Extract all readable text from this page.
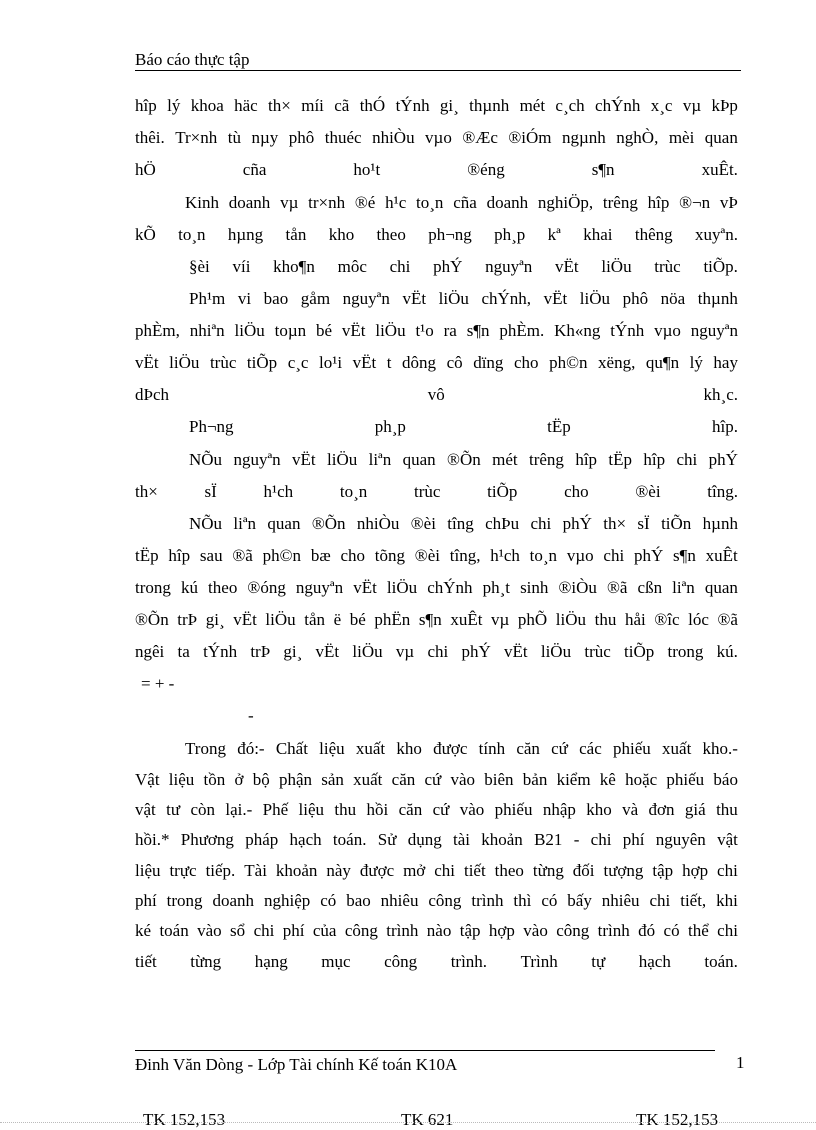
Báo cáo thực tập
hîp lý khoa häc th× míi cã thÓ tÝnh gi¸ thµnh mét c¸ch chÝnh x¸c vµ kÞp
thêi. Tr×nh tù nµy phô thuéc nhiÒu vµo ®Æc ®iÓm ngµnh nghÒ, mèi quan
hÖ	cña	ho¹t	®éng	s¶n	xuÊt.
Kinh doanh vµ tr×nh ®é h¹c to¸n cña doanh nghiÖp, trêng hîp ®¬n vÞ
kÕ to¸n hµng tån kho theo ph¬ng ph¸p kª khai thêng xuyªn.
§èi víi kho¶n môc chi phÝ nguyªn vËt liÖu trùc tiÕp.
Ph¹m vi bao gåm nguyªn vËt liÖu chÝnh, vËt liÖu phô nöa thµnh
phÈm, nhiªn liÖu toµn bé vËt liÖu t¹o ra s¶n phÈm. Kh«ng tÝnh vµo nguyªn
vËt liÖu trùc tiÕp c¸c lo¹i vËt t dông cô dïng cho ph©n xëng, qu¶n lý hay
dÞch	vô	kh¸c.
Ph¬ng	ph¸p	tËp	hîp.
NÕu nguyªn vËt liÖu liªn quan ®Õn mét trêng hîp tËp hîp chi phÝ
th×	sÏ	h¹ch	to¸n	trùc	tiÕp	cho	®èi	tîng.
NÕu liªn quan ®Õn nhiÒu ®èi tîng chÞu chi phÝ th× sÏ tiÕn hµnh
tËp hîp sau ®ã ph©n bæ cho tõng ®èi tîng, h¹ch to¸n vµo chi phÝ s¶n xuÊt
trong kú theo ®óng nguyªn vËt liÖu chÝnh ph¸t sinh ®iÒu ®ã cßn liªn quan
®Õn trÞ gi¸ vËt liÖu tån ë bé phËn s¶n xuÊt vµ phÕ liÖu thu håi ®îc lóc ®ã
ngêi ta tÝnh trÞ gi¸ vËt liÖu vµ chi phÝ vËt liÖu trùc tiÕp trong kú.
= + -
-
Trong đó:- Chất liệu xuất kho được tính căn cứ các phiếu xuất kho.-
Vật liệu tồn ở bộ phận sản xuất căn cứ vào biên bản kiểm kê hoặc phiếu báo
vật tư còn lại.- Phế liệu thu hồi căn cứ vào phiếu nhập kho và đơn giá thu
hồi.* Phương pháp hạch toán. Sử dụng tài khoản B21 - chi phí nguyên vật
liệu trực tiếp. Tài khoản này được mở chi tiết theo từng đối tượng tập hợp chi
phí trong doanh nghiệp có bao nhiêu công trình thì có bấy nhiêu chi tiết, khi
ké toán vào sổ chi phí của công trình nào tập hợp vào công trình đó có thể chi
tiết từng hạng mục công trình. Trình tự hạch toán.
Đinh Văn Dòng - Lớp Tài chính Kế toán K10A	1
TK 152,153	TK 621	TK 152,153
